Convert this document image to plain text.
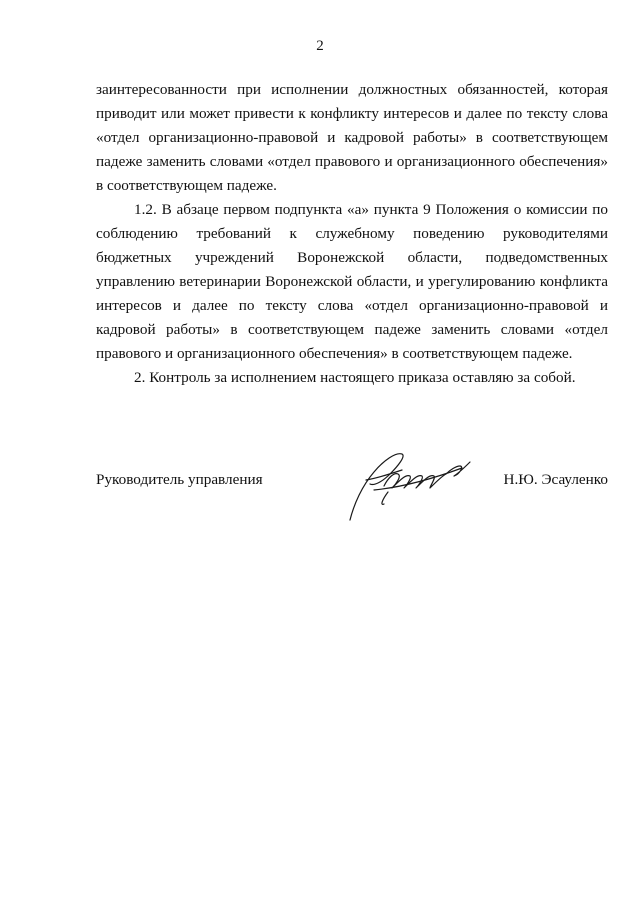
2

заинтересованности при исполнении должностных обязанностей, которая приводит или может привести к конфликту интересов и далее по тексту слова «отдел организационно-правовой и кадровой работы» в соответствующем падеже заменить словами «отдел правового и организационного обеспечения» в соответствующем падеже.

1.2. В абзаце первом подпункта «а» пункта 9 Положения о комиссии по соблюдению требований к служебному поведению руководителями бюджетных учреждений Воронежской области, подведомственных управлению ветеринарии Воронежской области, и урегулированию конфликта интересов и далее по тексту слова «отдел организационно-правовой и кадровой работы» в соответствующем падеже заменить словами «отдел правового и организационного обеспечения» в соответствующем падеже.

2. Контроль за исполнением настоящего приказа оставляю за собой.

Руководитель управления	Н.Ю. Эсауленко
